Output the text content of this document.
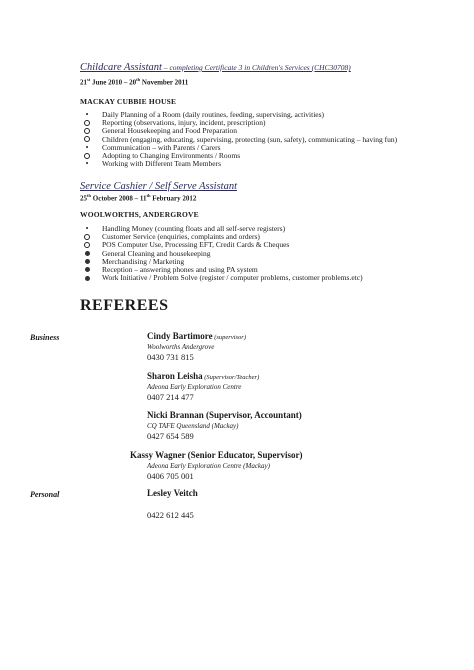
Childcare Assistant – completing Certificate 3 in Children's Services (CHC30708)
21st June 2010 – 20th November 2011
MACKAY CUBBIE HOUSE
•
Daily Planning of a Room (daily routines, feeding, supervising, activities)
Reporting (observations, injury, incident, prescription)
General Housekeeping and Food Preparation
Children (engaging, educating, supervising, protecting (sun, safety), communicating – having fun)
•
Communication – with Parents / Carers
Adopting to Changing Environments / Rooms
•
Working with Different Team Members
Service Cashier / Self Serve Assistant
25th October 2008 – 11th February 2012
WOOLWORTHS, ANDERGROVE
•
Handling Money (counting floats and all self-serve registers)
Customer Service (enquiries, complaints and orders)
POS Computer Use, Processing EFT, Credit Cards & Cheques
General Cleaning and housekeeping
Merchandising / Marketing
Reception – answering phones and using PA system
Work Initiative / Problem Solve (register / computer problems, customer problems.etc)
REFEREES
Business	Cindy Bartimore (supervisor)
Woolworths Andergrove
0430 731 815
Sharon Leisha (Supervisor/Teacher)
Adeona Early Exploration Centre
0407 214 477
Nicki Brannan (Supervisor, Accountant)
CQ TAFE Queensland (Mackay)
0427 654 589
Kassy Wagner (Senior Educator, Supervisor)
Adeona Early Exploration Centre (Mackay)
0406 705 001
Personal	Lesley Veitch
0422 612 445
